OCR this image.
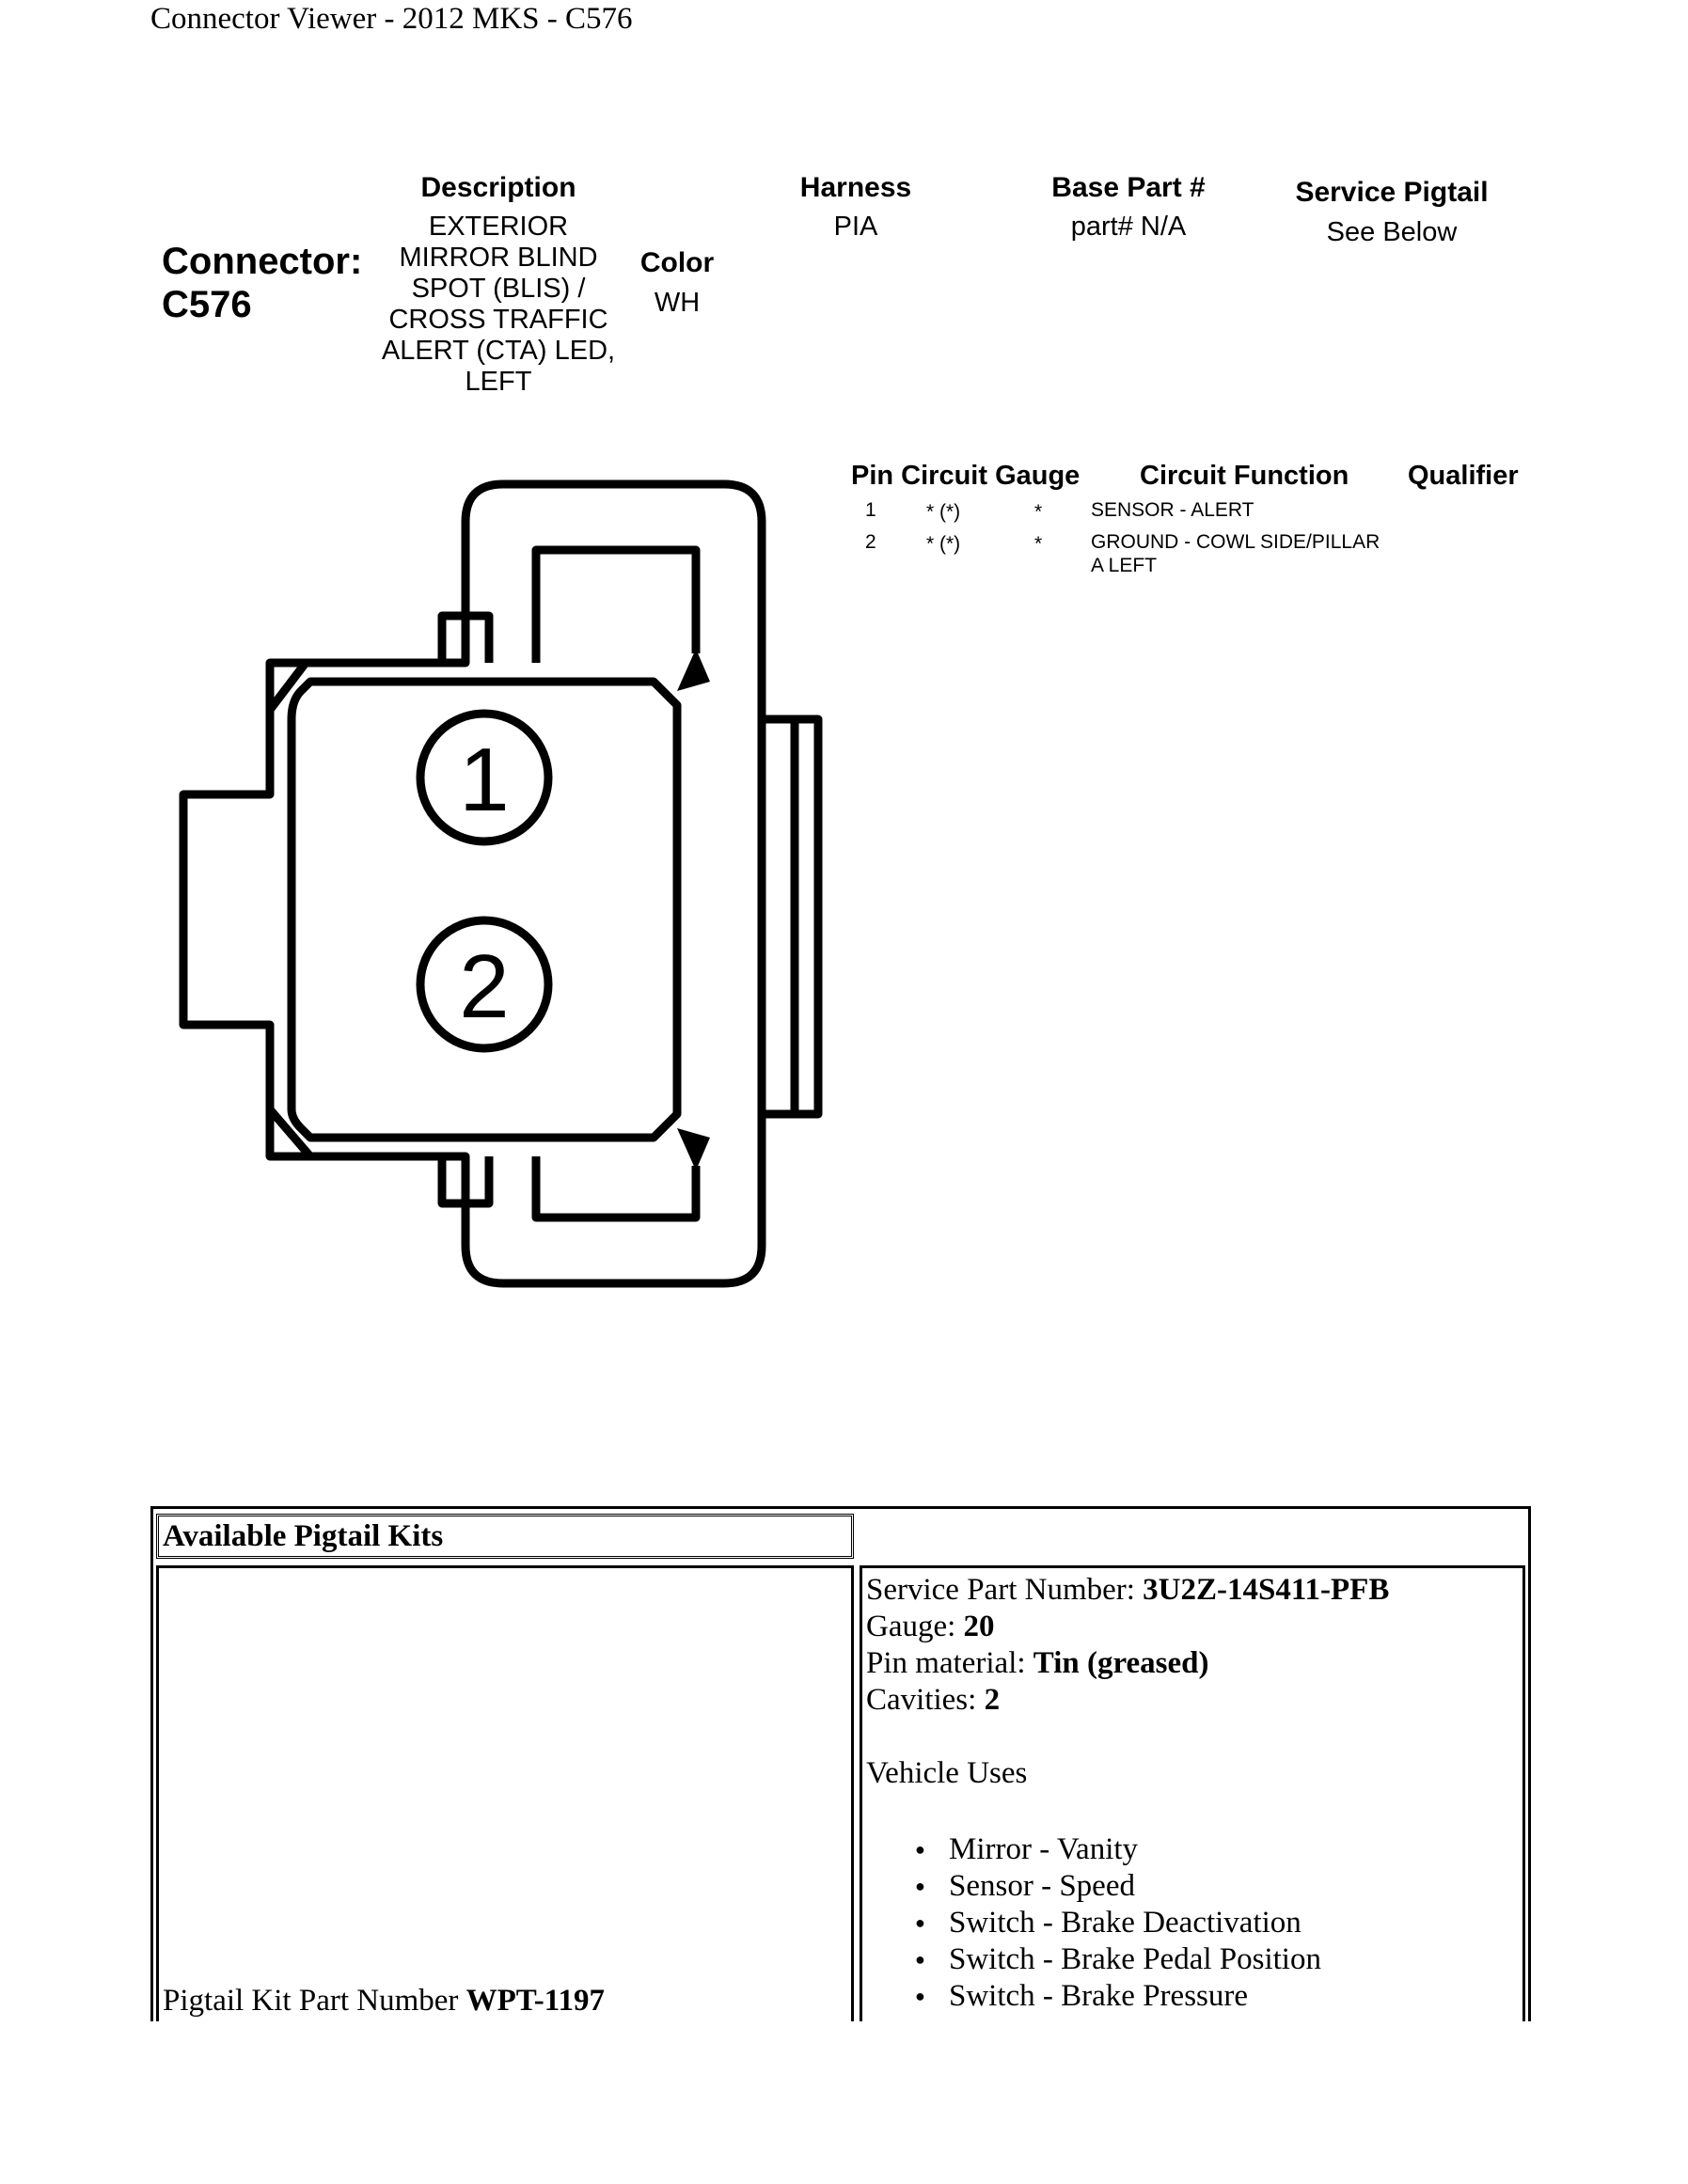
Connector Viewer - 2012 MKS - C576
Connector:
C576
Description
EXTERIOR
MIRROR BLIND
SPOT (BLIS) /
CROSS TRAFFIC
ALERT (CTA) LED,
LEFT
Color
WH
Harness
PIA
Base Part #
part# N/A
Service Pigtail
See Below
Pin Circuit Gauge Circuit Function Qualifier
1	* (*)	* SENSOR - ALERT
2	* (*)	* GROUND - COWL SIDE/PILLAR
A LEFT
1
2
Available Pigtail Kits
Pigtail Kit Part Number WPT-1197
Service Part Number: 3U2Z-14S411-PFB
Gauge: 20
Pin material: Tin (greased)
Cavities: 2
Vehicle Uses
● Mirror - Vanity
● Sensor - Speed
● Switch - Brake Deactivation
● Switch - Brake Pedal Position
● Switch - Brake Pressure
